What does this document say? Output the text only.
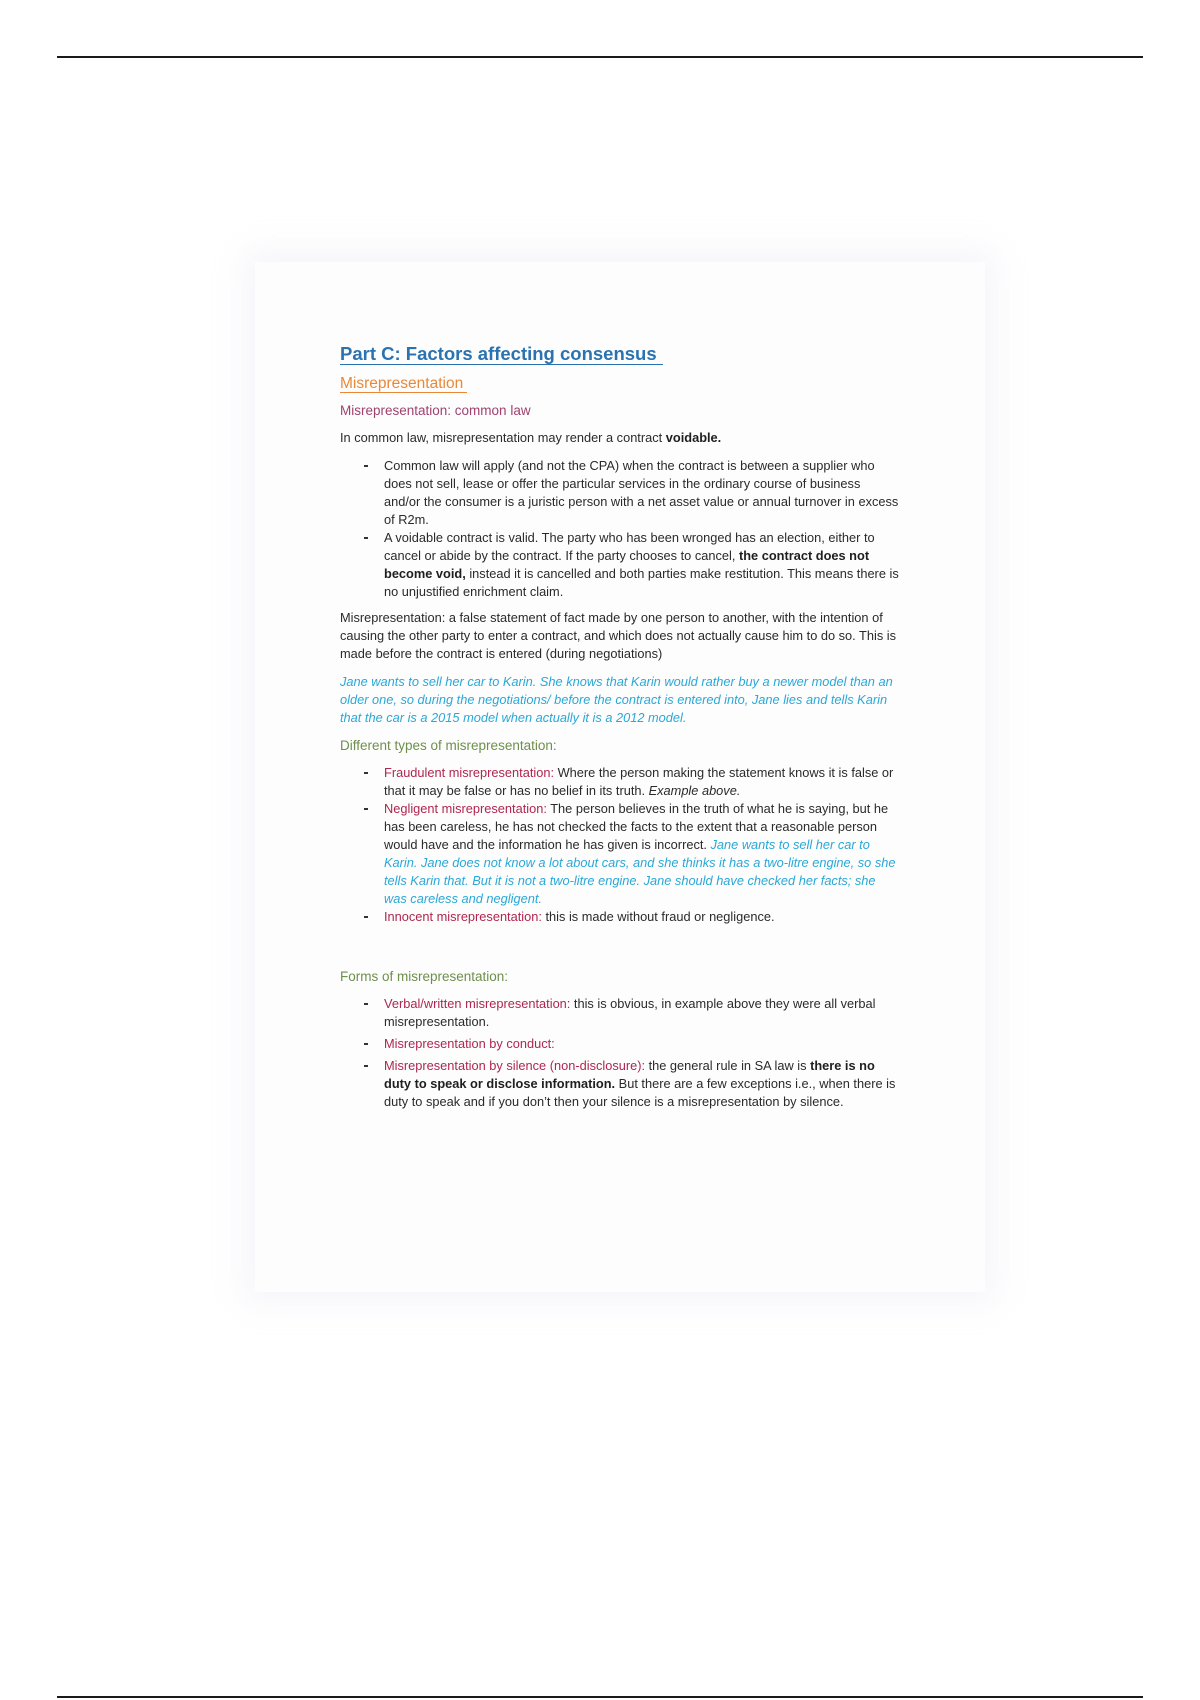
Part C: Factors affecting consensus
Misrepresentation
Misrepresentation: common law
In common law, misrepresentation may render a contract voidable.
Common law will apply (and not the CPA) when the contract is between a supplier who does not sell, lease or offer the particular services in the ordinary course of business and/or the consumer is a juristic person with a net asset value or annual turnover in excess of R2m.
A voidable contract is valid. The party who has been wronged has an election, either to cancel or abide by the contract. If the party chooses to cancel, the contract does not become void, instead it is cancelled and both parties make restitution. This means there is no unjustified enrichment claim.
Misrepresentation: a false statement of fact made by one person to another, with the intention of causing the other party to enter a contract, and which does not actually cause him to do so. This is made before the contract is entered (during negotiations)
Jane wants to sell her car to Karin. She knows that Karin would rather buy a newer model than an older one, so during the negotiations/ before the contract is entered into, Jane lies and tells Karin that the car is a 2015 model when actually it is a 2012 model.
Different types of misrepresentation:
Fraudulent misrepresentation: Where the person making the statement knows it is false or that it may be false or has no belief in its truth. Example above.
Negligent misrepresentation: The person believes in the truth of what he is saying, but he has been careless, he has not checked the facts to the extent that a reasonable person would have and the information he has given is incorrect. Jane wants to sell her car to Karin. Jane does not know a lot about cars, and she thinks it has a two-litre engine, so she tells Karin that. But it is not a two-litre engine. Jane should have checked her facts; she was careless and negligent.
Innocent misrepresentation: this is made without fraud or negligence.
Forms of misrepresentation:
Verbal/written misrepresentation: this is obvious, in example above they were all verbal misrepresentation.
Misrepresentation by conduct:
Misrepresentation by silence (non-disclosure): the general rule in SA law is there is no duty to speak or disclose information. But there are a few exceptions i.e., when there is duty to speak and if you don’t then your silence is a misrepresentation by silence.
